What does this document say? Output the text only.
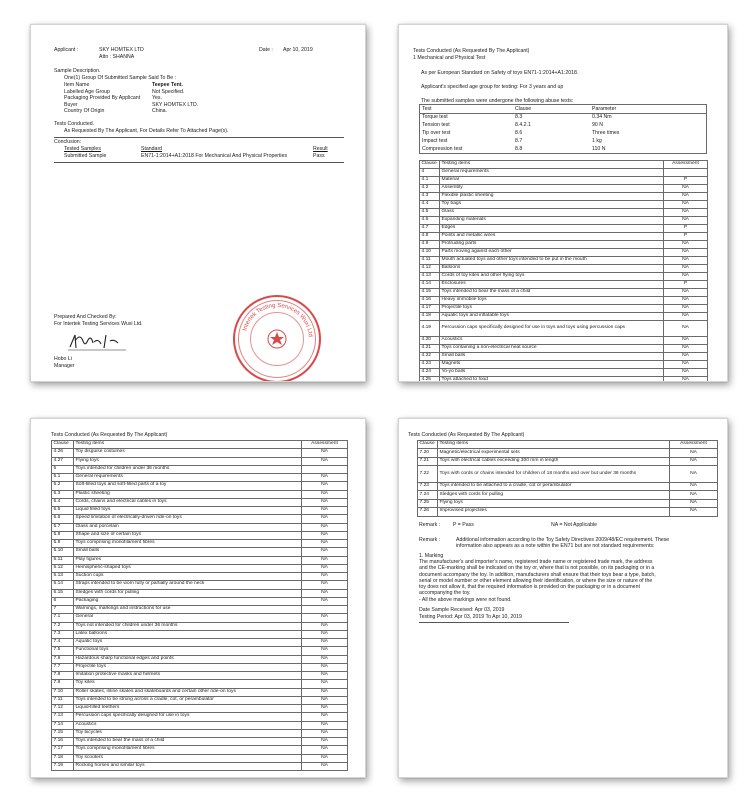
Applicant :	SKY HOMTEX LTD
Attn : SHANNA
Date : Apr 10, 2019
Sample Description.
One(1) Group Of Submitted Sample Said To Be :
Item Name	Teepee Tent.
Labelled Age Group	Not Specified.
Packaging Provided By Applicant	Yes.
Buyer	SKY HOMTEX LTD.
Country Of Origin	China.
Tests Conducted.
As Requested By The Applicant, For Details Refer To Attached Page(s).
Conclusion:
Tested Samples	Standard	Result
Submitted Sample	EN71-1:2014+A1:2018 For Mechanical And Physical Properties	Pass
Prepared And Checked By:
For Intertek Testing Services Wuxi Ltd.
Hobo Li
Manager
Intertek Testing Services Wuxi Ltd
Tests Conducted (As Requested By The Applicant)
1 Mechanical and Physical Test
As per European Standard on Safety of toys EN71-1:2014+A1:2018.
Applicant's specified age group for testing: For 3 years and up
The submitted samples were undergone the following abuse tests:
Test	Clause	Parameter
Torque test	8.3	0.34 Nm
Tension test	8.4.2.1	90 N
Tip over test	8.6	Three times
Impact test	8.7	1 kg
Compression test	8.8	110 N
Clause	Testing items	Assessment
4	General requirements	
4.1	Material	P
4.2	Assembly	NA
4.3	Flexible plastic sheeting	NA
4.4	Toy bags	NA
4.5	Glass	NA
4.6	Expanding materials	NA
4.7	Edges	P
4.8	Points and metallic wires	P
4.9	Protruding parts	NA
4.10	Parts moving against each other	NA
4.11	Mouth actuated toys and other toys intended to be put in the mouth	NA
4.12	Balloons	NA
4.13	Cords of toy kites and other flying toys	NA
4.14	Enclosures	P
4.15	Toys intended to bear the mass of a child	NA
4.16	Heavy immobile toys	NA
4.17	Projectile toys	NA
4.18	Aquatic toys and inflatable toys	NA
4.19	Percussion caps specifically designed for use in toys and toys using percussion caps	NA
4.20	Acoustics	NA
4.21	Toys containing a non-electrical heat source	NA
4.22	Small balls	NA
4.23	Magnets	NA
4.24	Yo-yo balls	NA
4.25	Toys attached to food	NA
Tests Conducted (As Requested By The Applicant)
Clause	Testing items	Assessment
4.26	Toy disguise costumes	NA
4.27	Flying toys	NA
5	Toys intended for children under 36 months	
5.1	General requirements	NA
5.2	Soft-filled toys and soft-filled parts of a toy	NA
5.3	Plastic sheeting	NA
5.4	Cords, chains and electrical cables in toys	NA
5.5	Liquid filled toys	NA
5.6	Speed limitation of electrically-driven ride-on toys	NA
5.7	Glass and porcelain	NA
5.8	Shape and size of certain toys	NA
5.9	Toys comprising monofilament fibres	NA
5.10	Small balls	NA
5.11	Play figures	NA
5.12	Hemispheric-shaped toys	NA
5.13	Suction cups	NA
5.14	Straps intended to be worn fully or partially around the neck	NA
5.15	Sledges with cords for pulling	NA
6	Packaging	NA
7	Warnings, markings and instructions for use	
7.1	General	NA
7.2	Toys not intended for children under 36 months	NA
7.3	Latex balloons	NA
7.4	Aquatic toys	NA
7.5	Functional toys	NA
7.6	Hazardous sharp functional edges and points	NA
7.7	Projectile toys	NA
7.8	Imitation protective masks and helmets	NA
7.9	Toy kites	NA
7.10	Roller skates, inline skates and skateboards and certain other ride-on toys	NA
7.11	Toys intended to be strung across a cradle, cot, or perambulator	NA
7.12	Liquid-filled teethers	NA
7.13	Percussion caps specifically designed for use in toys	NA
7.14	Acoustics	NA
7.15	Toy bicycles	NA
7.16	Toys intended to bear the mass of a child	NA
7.17	Toys comprising monofilament fibres	NA
7.18	Toy scooters	NA
7.19	Rocking horses and similar toys	NA
Tests Conducted (As Requested By The Applicant)
Clause	Testing items	Assessment
7.20	Magnetic/electrical experimental sets	NA
7.21	Toys with electrical cables exceeding 300 mm in length	NA
7.22	Toys with cords or chains intended for children of 18 months and over but under 36 months	NA
7.23	Toys intended to be attached to a cradle, cot or perambulator	NA
7.24	Sledges with cords for pulling	NA
7.25	Flying toys	NA
7.26	Improvised projectiles	NA
Remark : P = Pass	NA = Not Applicable
Remark :	Additional information according to the Toy Safety Directives 2009/48/EC requirement. These
information also appears as a note within the EN71 but are not standard requirements:
1. Marking
The manufacturer's and importer's name, registered trade name or registered trade mark, the address
and the CE-marking shall be indicated on the toy or, where that is not possible, on its packaging or in a
document accompany the toy. In addition, manufacturers shall ensure that their toys bear a type, batch,
serial or model number or other element allowing their identification, or where the size or nature of the
toy does not allow it, that the required information is provided on the packaging or in a document
accompanying the toy.
- All the above markings were not found.
Date Sample Received: Apr 03, 2019
Testing Period: Apr 03, 2019 To Apr 10, 2019
